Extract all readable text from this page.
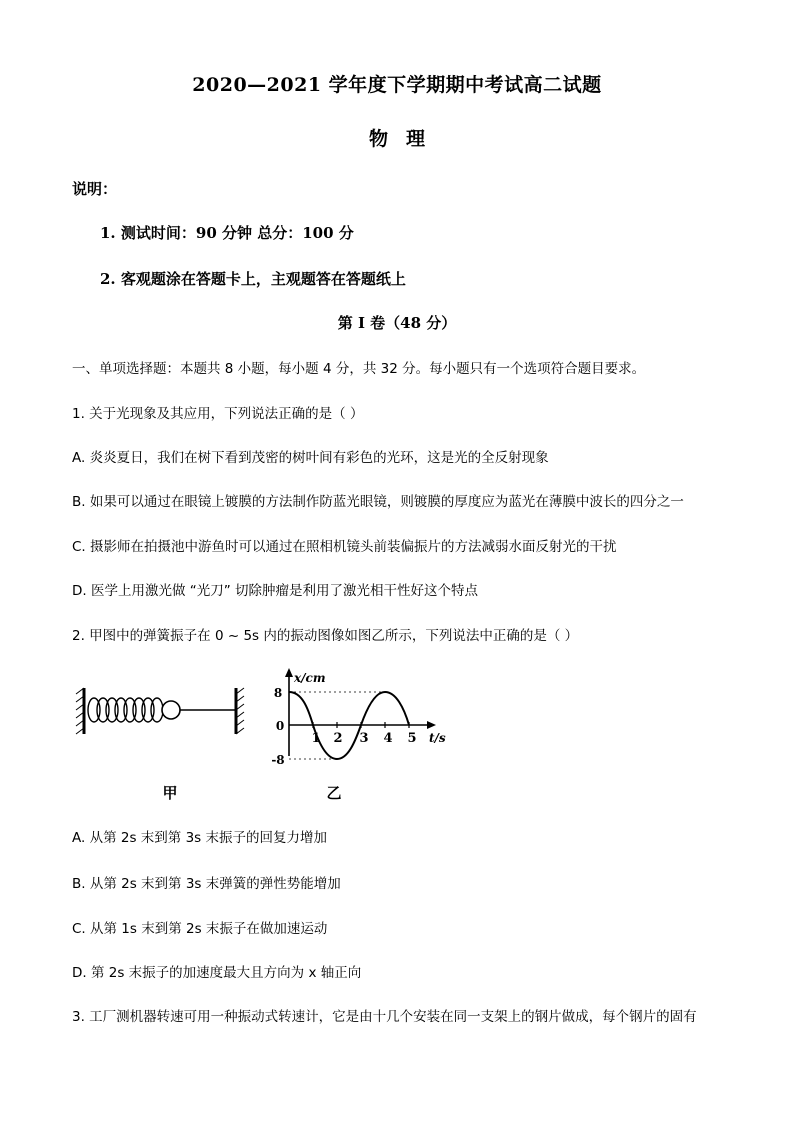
2020—2021 学年度下学期期中考试高二试题
物理
说明：
1. 测试时间：90 分钟 总分：100 分
2. 客观题涂在答题卡上，主观题答在答题纸上
第 I 卷（48 分）
一、单项选择题：本题共 8 小题，每小题 4 分，共 32 分。每小题只有一个选项符合题目要求。
1. 关于光现象及其应用，下列说法正确的是（ ）
A. 炎炎夏日，我们在树下看到茂密的树叶间有彩色的光环，这是光的全反射现象
B. 如果可以通过在眼镜上镀膜的方法制作防蓝光眼镜，则镀膜的厚度应为蓝光在薄膜中波长的四分之一
C. 摄影师在拍摄池中游鱼时可以通过在照相机镜头前装偏振片的方法减弱水面反射光的干扰
D. 医学上用激光做 “光刀” 切除肿瘤是利用了激光相干性好这个特点
2. 甲图中的弹簧振子在 0 ~ 5s 内的振动图像如图乙所示，下列说法中正确的是（ ）
甲
x/cm
8
0
-8
1 2 3 4 5 t/s
乙
A. 从第 2s 末到第 3s 末振子的回复力增加
B. 从第 2s 末到第 3s 末弹簧的弹性势能增加
C. 从第 1s 末到第 2s 末振子在做加速运动
D. 第 2s 末振子的加速度最大且方向为 x 轴正向
3. 工厂测机器转速可用一种振动式转速计，它是由十几个安装在同一支架上的钢片做成，每个钢片的固有
